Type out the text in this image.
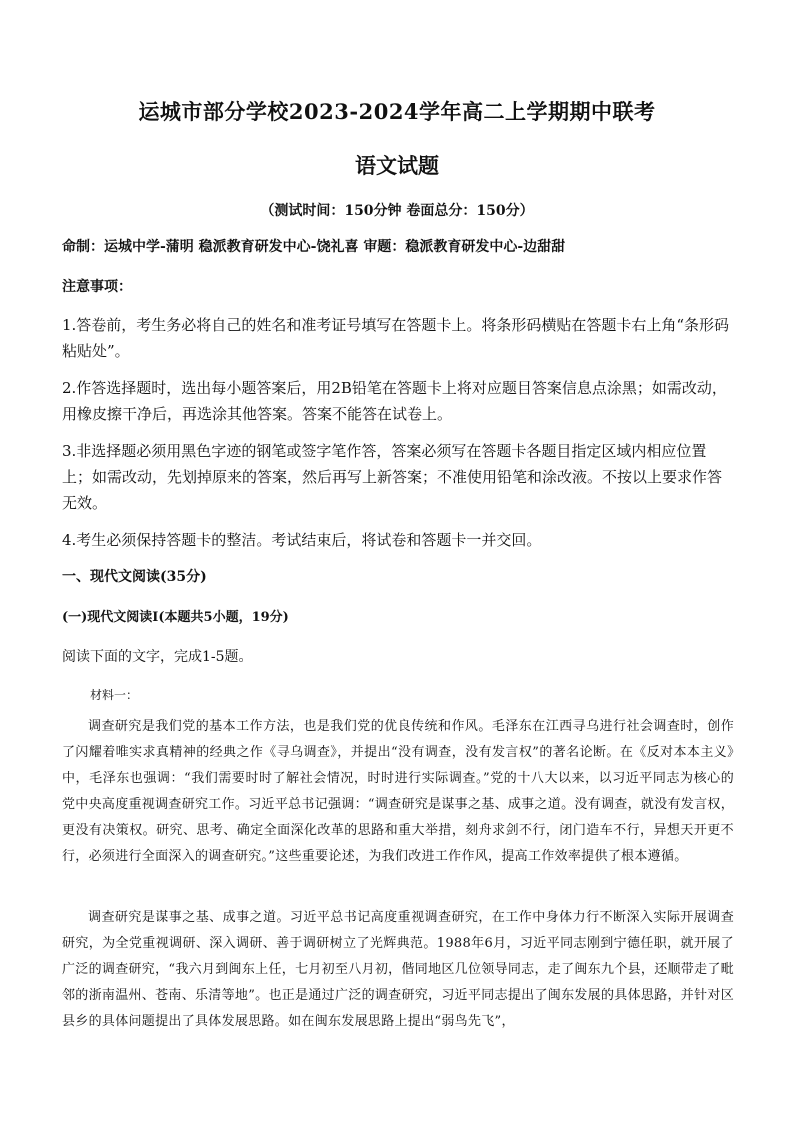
运城市部分学校2023-2024学年高二上学期期中联考
语文试题
（测试时间：150分钟 卷面总分：150分）
命制：运城中学-蒲明 稳派教育研发中心-饶礼喜 审题：稳派教育研发中心-边甜甜
注意事项：
1.答卷前，考生务必将自己的姓名和准考证号填写在答题卡上。将条形码横贴在答题卡右上角“条形码粘贴处”。
2.作答选择题时，选出每小题答案后，用2B铅笔在答题卡上将对应题目答案信息点涂黑；如需改动，用橡皮擦干净后，再选涂其他答案。答案不能答在试卷上。
3.非选择题必须用黑色字迹的钢笔或签字笔作答，答案必须写在答题卡各题目指定区域内相应位置上；如需改动，先划掉原来的答案，然后再写上新答案；不准使用铅笔和涂改液。不按以上要求作答无效。
4.考生必须保持答题卡的整洁。考试结束后，将试卷和答题卡一并交回。
一、现代文阅读(35分)
(一)现代文阅读Ⅰ(本题共5小题，19分)
阅读下面的文字，完成1-5题。
材料一：
调查研究是我们党的基本工作方法，也是我们党的优良传统和作风。毛泽东在江西寻乌进行社会调查时，创作了闪耀着唯实求真精神的经典之作《寻乌调查》，并提出“没有调查，没有发言权”的著名论断。在《反对本本主义》中，毛泽东也强调：“我们需要时时了解社会情况，时时进行实际调查。”党的十八大以来，以习近平同志为核心的党中央高度重视调查研究工作。习近平总书记强调：“调查研究是谋事之基、成事之道。没有调查，就没有发言权，更没有决策权。研究、思考、确定全面深化改革的思路和重大举措，刻舟求剑不行，闭门造车不行，异想天开更不行，必须进行全面深入的调查研究。”这些重要论述，为我们改进工作作风，提高工作效率提供了根本遵循。
调查研究是谋事之基、成事之道。习近平总书记高度重视调查研究，在工作中身体力行不断深入实际开展调查研究，为全党重视调研、深入调研、善于调研树立了光辉典范。1988年6月，习近平同志刚到宁德任职，就开展了广泛的调查研究，“我六月到闽东上任，七月初至八月初，偕同地区几位领导同志，走了闽东九个县，还顺带走了毗邻的浙南温州、苍南、乐清等地”。也正是通过广泛的调查研究，习近平同志提出了闽东发展的具体思路，并针对区县乡的具体问题提出了具体发展思路。如在闽东发展思路上提出“弱鸟先飞”，
